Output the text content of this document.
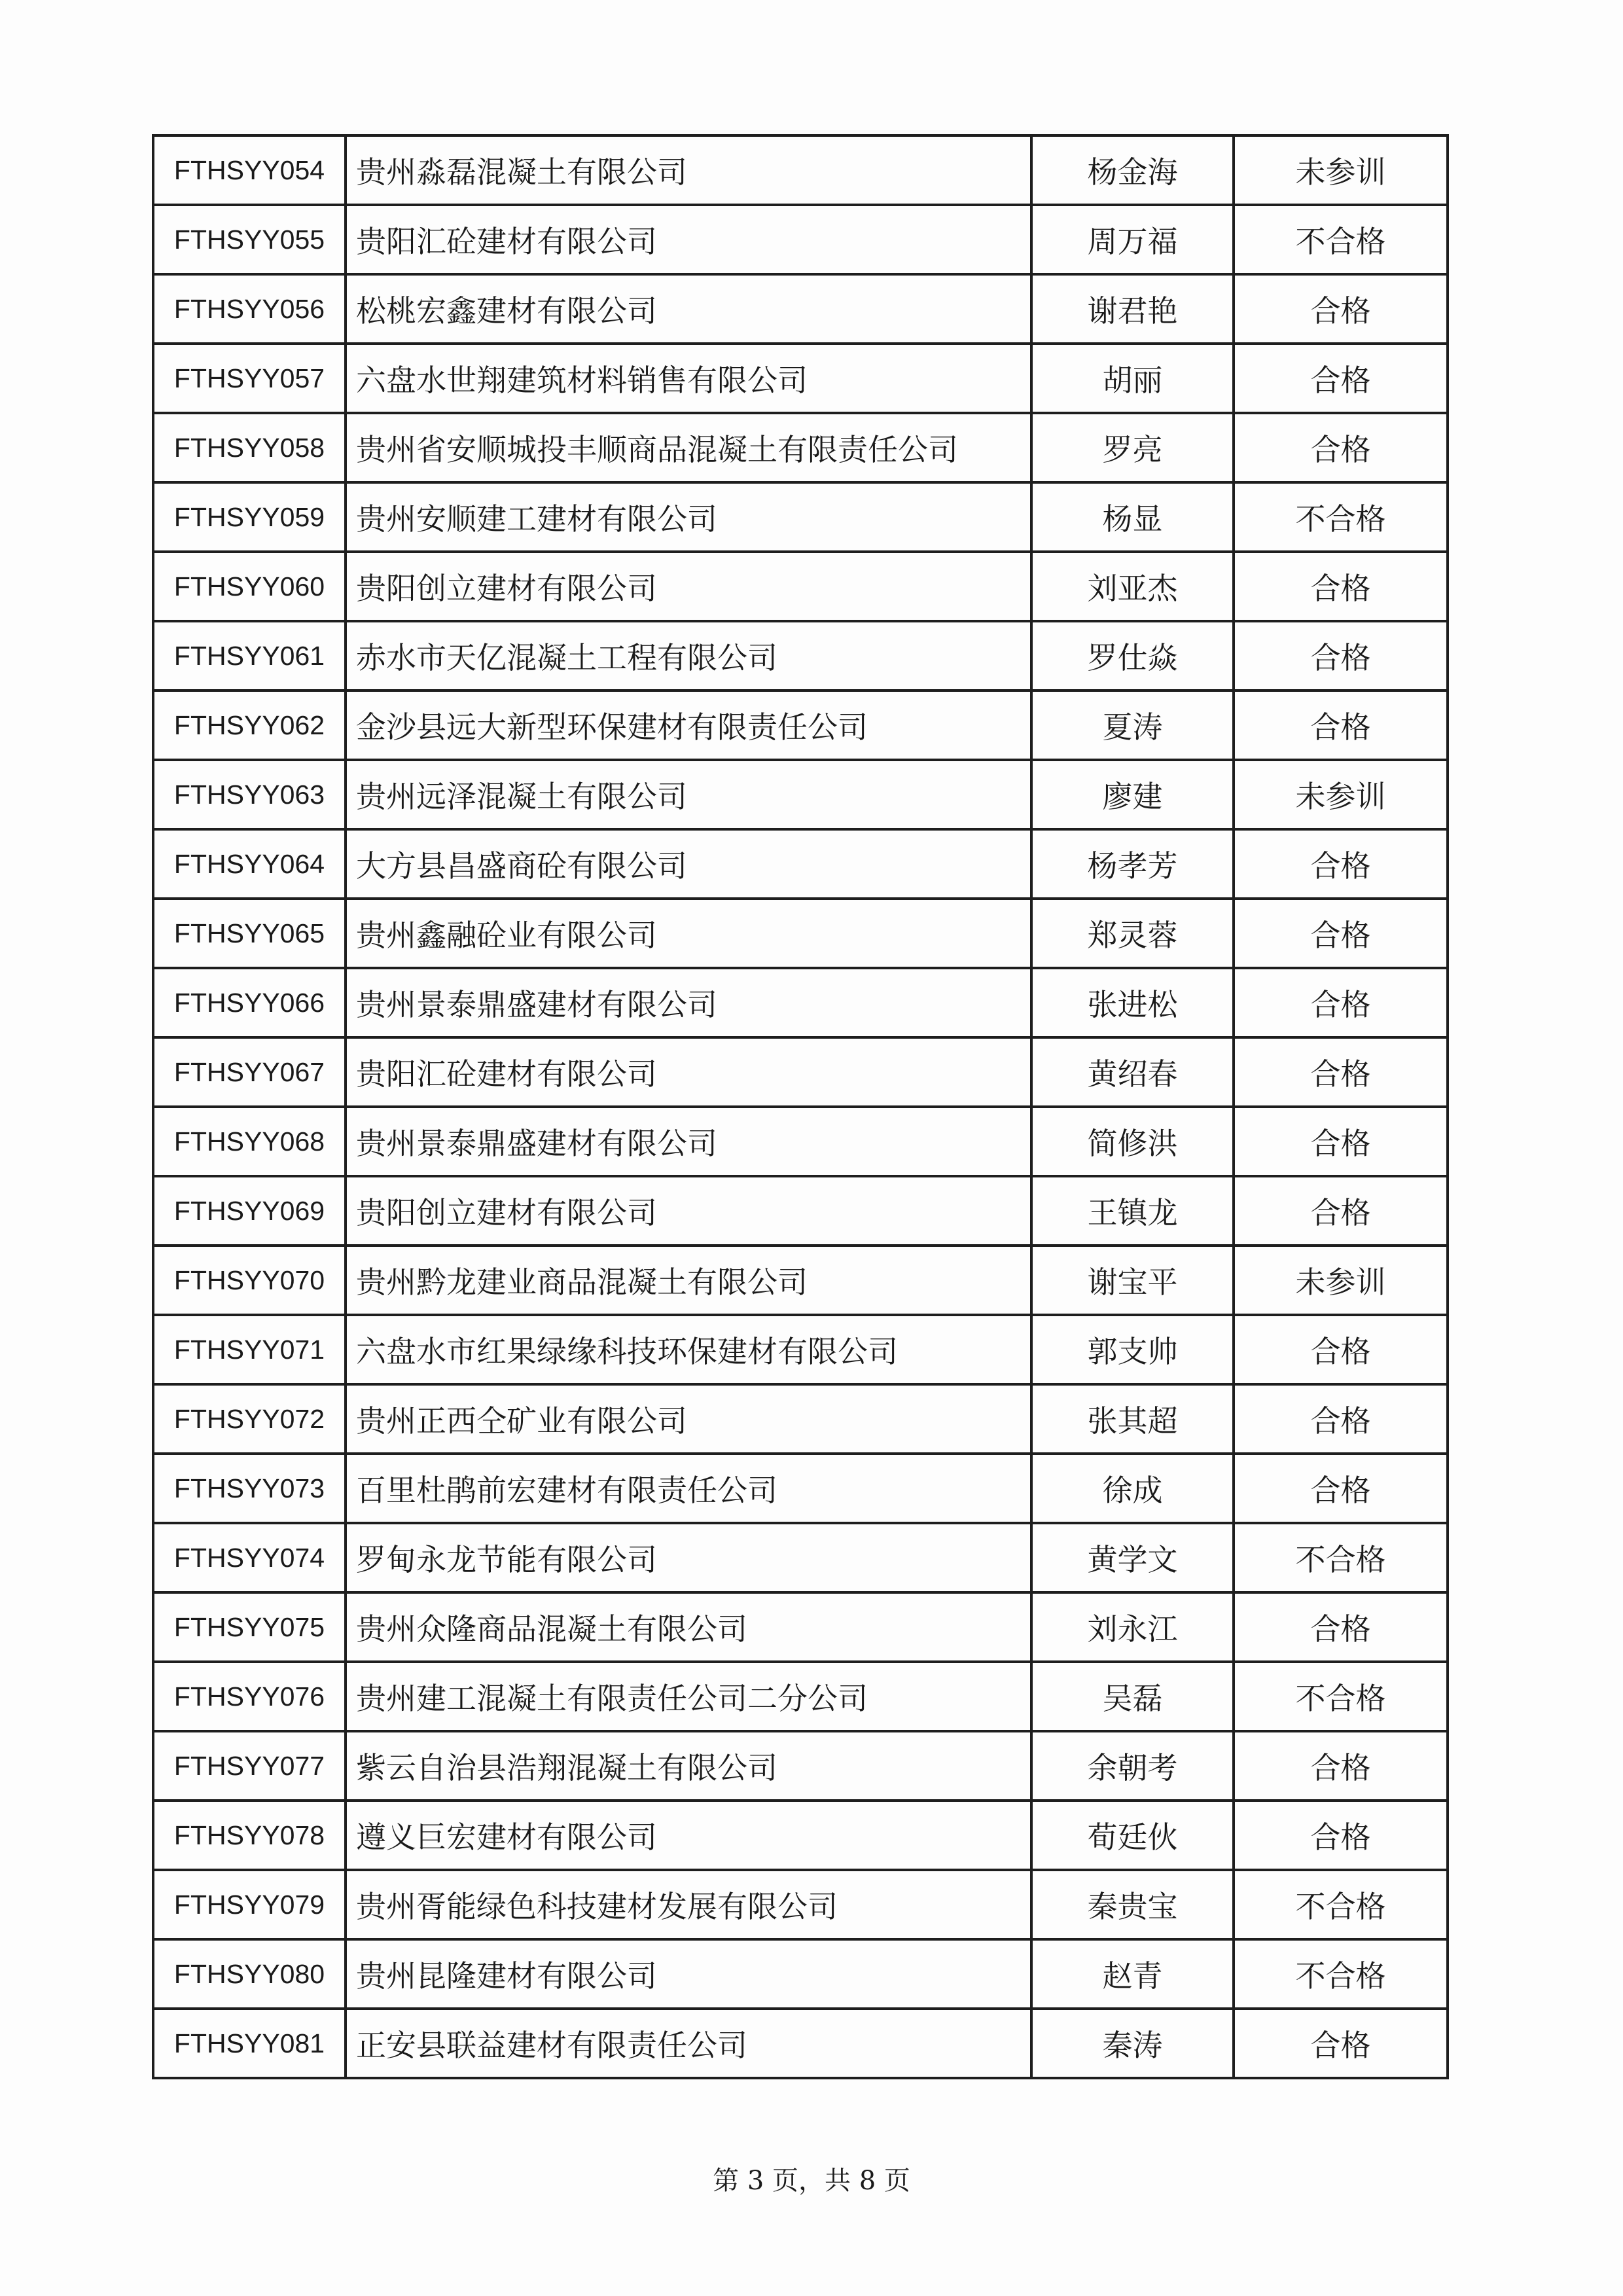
FTHSYY054	贵州淼磊混凝土有限公司	杨金海	未参训
FTHSYY055	贵阳汇砼建材有限公司	周万福	不合格
FTHSYY056	松桃宏鑫建材有限公司	谢君艳	合格
FTHSYY057	六盘水世翔建筑材料销售有限公司	胡丽	合格
FTHSYY058	贵州省安顺城投丰顺商品混凝土有限责任公司	罗亮	合格
FTHSYY059	贵州安顺建工建材有限公司	杨显	不合格
FTHSYY060	贵阳创立建材有限公司	刘亚杰	合格
FTHSYY061	赤水市天亿混凝土工程有限公司	罗仕焱	合格
FTHSYY062	金沙县远大新型环保建材有限责任公司	夏涛	合格
FTHSYY063	贵州远泽混凝土有限公司	廖建	未参训
FTHSYY064	大方县昌盛商砼有限公司	杨孝芳	合格
FTHSYY065	贵州鑫融砼业有限公司	郑灵蓉	合格
FTHSYY066	贵州景泰鼎盛建材有限公司	张进松	合格
FTHSYY067	贵阳汇砼建材有限公司	黄绍春	合格
FTHSYY068	贵州景泰鼎盛建材有限公司	简修洪	合格
FTHSYY069	贵阳创立建材有限公司	王镇龙	合格
FTHSYY070	贵州黔龙建业商品混凝土有限公司	谢宝平	未参训
FTHSYY071	六盘水市红果绿缘科技环保建材有限公司	郭支帅	合格
FTHSYY072	贵州正西仝矿业有限公司	张其超	合格
FTHSYY073	百里杜鹃前宏建材有限责任公司	徐成	合格
FTHSYY074	罗甸永龙节能有限公司	黄学文	不合格
FTHSYY075	贵州众隆商品混凝土有限公司	刘永江	合格
FTHSYY076	贵州建工混凝土有限责任公司二分公司	吴磊	不合格
FTHSYY077	紫云自治县浩翔混凝土有限公司	余朝考	合格
FTHSYY078	遵义巨宏建材有限公司	荀廷伙	合格
FTHSYY079	贵州胥能绿色科技建材发展有限公司	秦贵宝	不合格
FTHSYY080	贵州昆隆建材有限公司	赵青	不合格
FTHSYY081	正安县联益建材有限责任公司	秦涛	合格
第 3 页，共 8 页
